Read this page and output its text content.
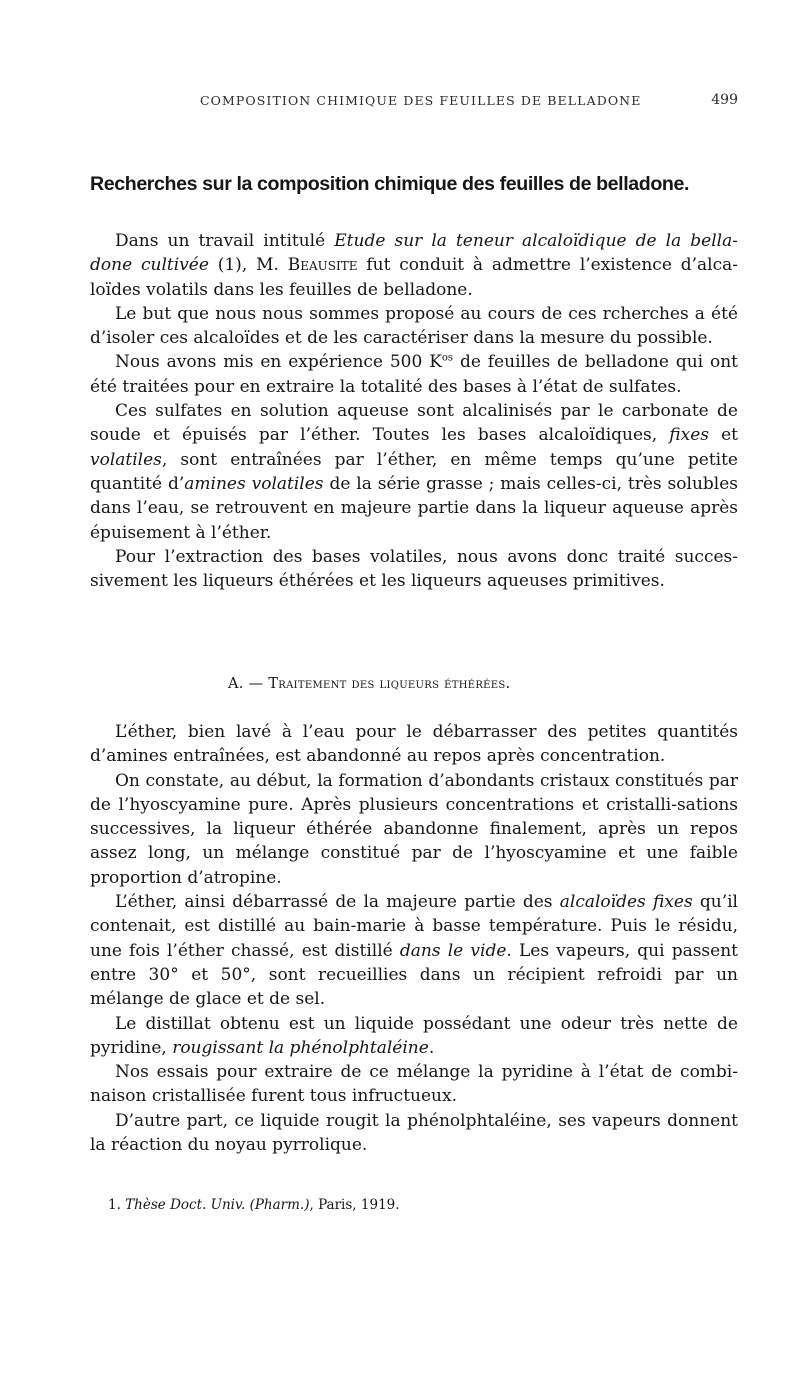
COMPOSITION CHIMIQUE DES FEUILLES DE BELLADONE	499
Recherches sur la composition chimique des feuilles de belladone.

Dans un travail intitulé Etude sur la teneur alcaloïdique de la bella-done cultivée (1), M. Beausite fut conduit à admettre l’existence d’alca-loïdes volatils dans les feuilles de belladone.

Le but que nous nous sommes proposé au cours de ces rcherches a été d’isoler ces alcaloïdes et de les caractériser dans la mesure du possible.

Nous avons mis en expérience 500 $K^{os}$ de feuilles de belladone qui ont été traitées pour en extraire la totalité des bases à l’état de sulfates.

Ces sulfates en solution aqueuse sont alcalinisés par le carbonate de soude et épuisés par l’éther. Toutes les bases alcaloïdiques, fixes et volatiles, sont entraînées par l’éther, en même temps qu’une petite quantité d’amines volatiles de la série grasse ; mais celles-ci, très solubles dans l’eau, se retrouvent en majeure partie dans la liqueur aqueuse après épuisement à l’éther.

Pour l’extraction des bases volatiles, nous avons donc traité succes-sivement les liqueurs éthérées et les liqueurs aqueuses primitives.

A. — Traitement des liqueurs éthérées.

L’éther, bien lavé à l’eau pour le débarrasser des petites quantités d’amines entraînées, est abandonné au repos après concentration.

On constate, au début, la formation d’abondants cristaux constitués par de l’hyoscyamine pure. Après plusieurs concentrations et cristalli-sations successives, la liqueur éthérée abandonne finalement, après un repos assez long, un mélange constitué par de l’hyoscyamine et une faible proportion d’atropine.

L’éther, ainsi débarrassé de la majeure partie des alcaloïdes fixes qu’il contenait, est distillé au bain-marie à basse température. Puis le résidu, une fois l’éther chassé, est distillé dans le vide. Les vapeurs, qui passent entre 30° et 50°, sont recueillies dans un récipient refroidi par un mélange de glace et de sel.

Le distillat obtenu est un liquide possédant une odeur très nette de pyridine, rougissant la phénolphtaléine.

Nos essais pour extraire de ce mélange la pyridine à l’état de combi-naison cristallisée furent tous infructueux.

D’autre part, ce liquide rougit la phénolphtaléine, ses vapeurs donnent la réaction du noyau pyrrolique.

1. Thèse Doct. Univ. (Pharm.), Paris, 1919.
